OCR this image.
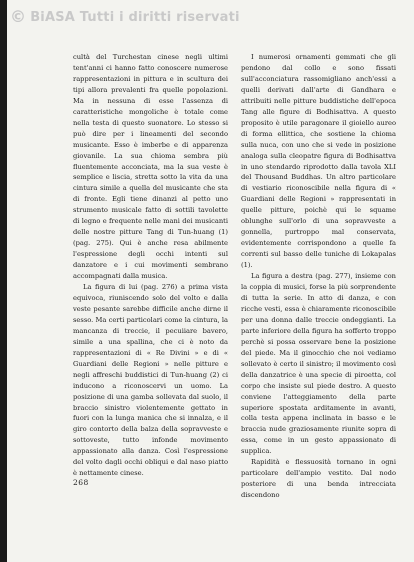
© BiASA Tutti i diritti riservati

cultà del Turchestan cinese negli ultimi tent'anni ci hanno fatto conoscere numerose rappresentazioni in pittura e in scultura dei tipi allora prevalenti fra quelle popolazioni. Ma in nessuna di esse l'assenza di caratteristiche mongoliche è totale come nella testa di questo suonatore. Lo stesso si può dire per i lineamenti del secondo musicante. Esso è imberbe e di apparenza giovanile. La sua chioma sembra più fluentemente acconciata, ma la sua veste è semplice e liscia, stretta sotto la vita da una cintura simile a quella del musicante che sta di fronte. Egli tiene dinanzi al petto uno strumento musicale fatto di sottili tavolette di legno e frequente nelle mani dei musicanti delle nostre pitture Tang di Tun-huang (1) (pag. 275). Qui è anche resa abilmente l'espressione degli occhi intenti sul danzatore e i cui movimenti sembrano accompagnati dalla musica.

La figura di lui (pag. 276) a prima vista equivoca, riuniscendo solo del volto e dalla veste pesante sarebbe difficile anche dirne il sesso. Ma certi particolari come la cintura, la mancanza di treccie, il pecuiiare bavero, simile a una spallina, che ci è noto da rappresentazioni di « Re Divini » e di « Guardiani delle Regioni » nelle pitture e negli affreschi buddistici di Tun-huang (2) ci inducono a riconoscervi un uomo. La posizione di una gamba sollevata dal suolo, il braccio sinistro violentemente gettato in fuori con la lunga manica che si innalza, e il giro contorto della balza della sopravveste e sottoveste, tutto infonde movimento appassionato alla danza. Così l'espressione del volto dagli occhi obliqui e dal naso piatto è nettamente cinese.

I numerosi ornamenti gemmati che gli pendono dal collo e sono fissati sull'acconciatura rassomigliano anch'essi a quelli derivati dall'arte di Gandhara e attribuiti nelle pitture buddistiche dell'epoca Tang alle figure di Bodhisattva. A questo proposito è utile paragonare il gioiello aureo di forma ellittica, che sostiene la chioma sulla nuca, con uno che si vede in posizione analoga sulla cleopatre figura di Bodhisattva in uno stendardo riprodotto dalla tavola XLI del Thousand Buddhas. Un altro particolare di vestiario riconoscibile nella figura di « Guardiani delle Regioni » rappresentati in quelle pitture, poichè qui le squame oblunghe sull'orlo di una sopravveste a gonnella, purtroppo mal conservata, evidentemente corrispondono a quelle fa correnti sul basso delle tuniche di Lokapalas (1).

La figura a destra (pag. 277), insieme con la coppia di musici, forse la più sorprendente di tutta la serie. In atto di danza, e con ricche vesti, essa è chiaramente riconoscibile per una donna dalle treccie ondeggianti. La parte inferiore della figura ha sofferto troppo perchè si possa osservare bene la posizione del piede. Ma il ginocchio che noi vediamo sollevato è certo il sinistro; il movimento così della danzatrice è una specie di piroetta, col corpo che insiste sul piede destro. A questo conviene l'atteggiamento della parte superiore spostata arditamente in avanti, colla testa appena inclinata in basso e le braccia nude graziosamente riunite sopra di essa, come in un gesto appassionato di supplica.

Rapidità e flessuosità tornano in ogni particolare dell'ampio vestito. Dal nodo posteriore di una benda intrecciata discendono

268
